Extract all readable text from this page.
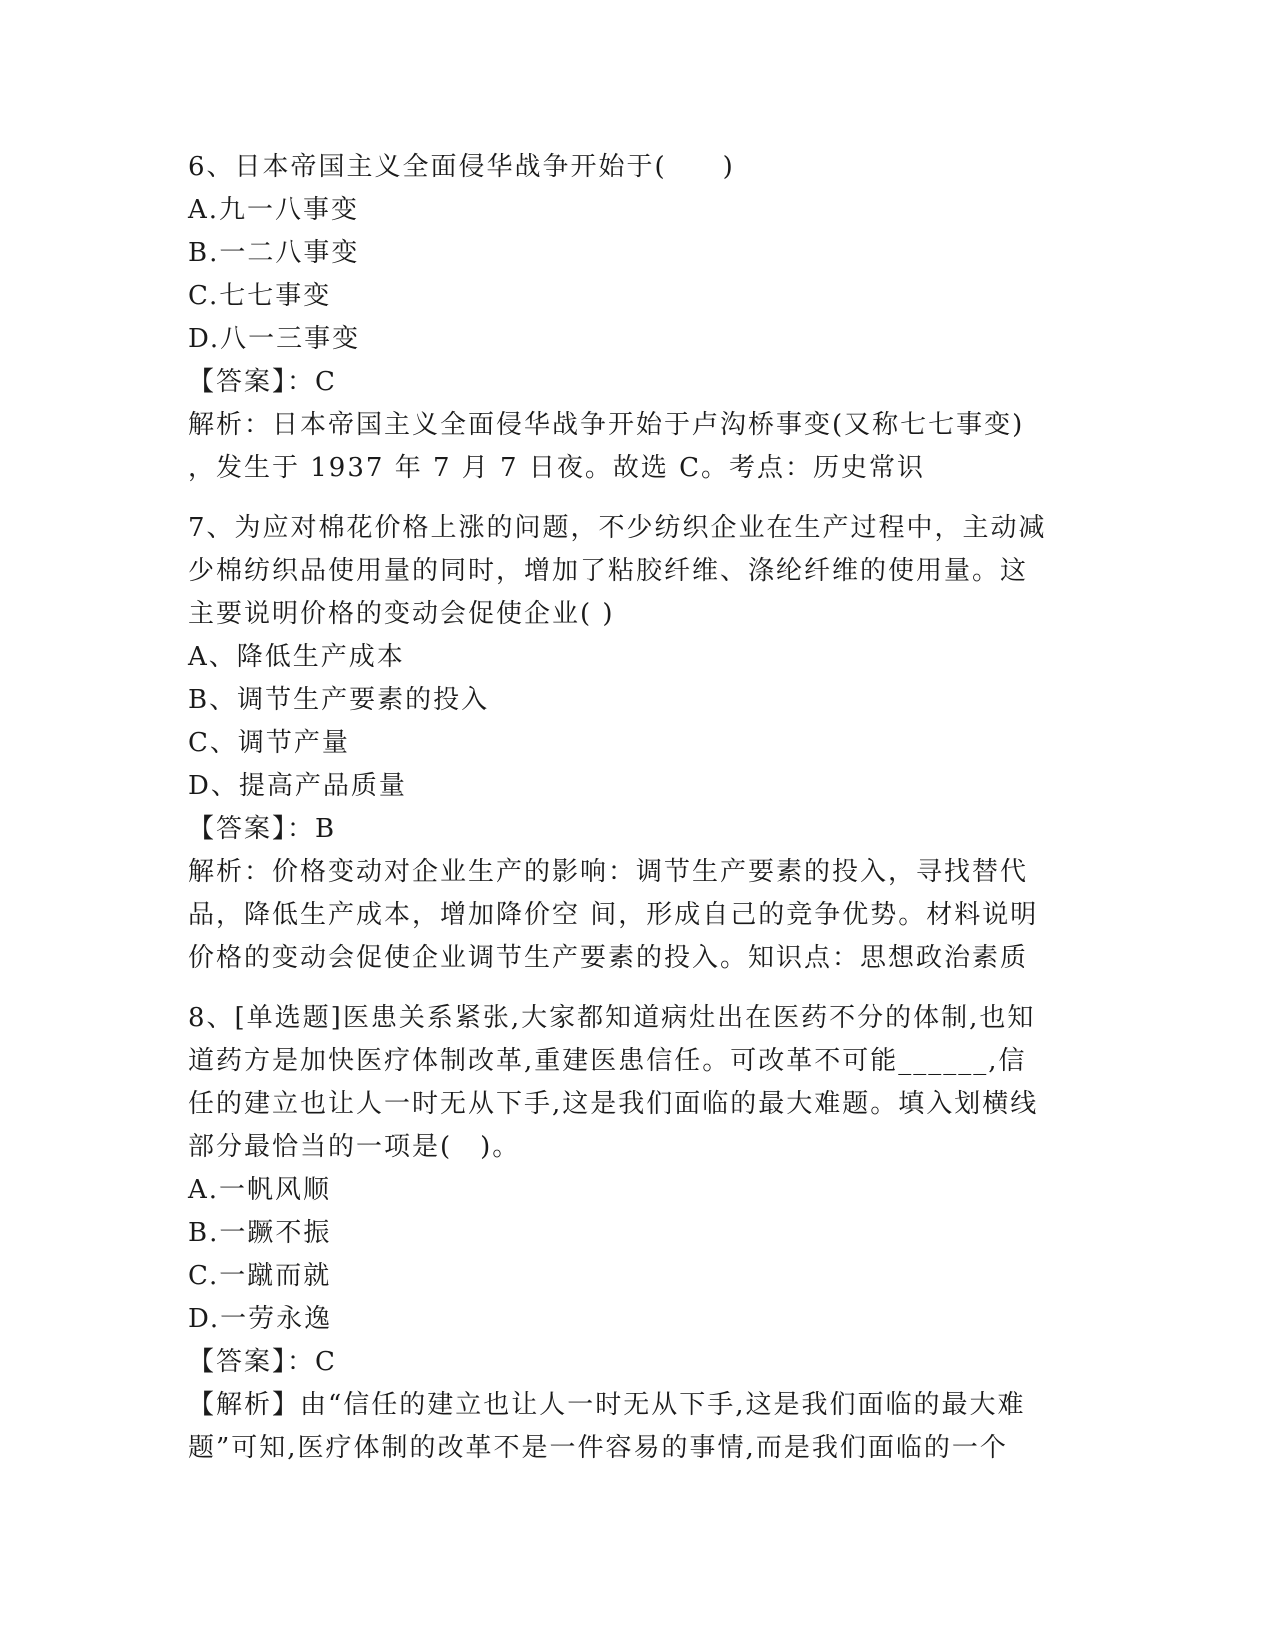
6、日本帝国主义全面侵华战争开始于(　　)
A.九一八事变
B.一二八事变
C.七七事变
D.八一三事变
【答案】：C
解析：日本帝国主义全面侵华战争开始于卢沟桥事变(又称七七事变)
，发生于 1937 年 7 月 7 日夜。故选 C。考点：历史常识
7、为应对棉花价格上涨的问题，不少纺织企业在生产过程中，主动减
少棉纺织品使用量的同时，增加了粘胶纤维、涤纶纤维的使用量。这
主要说明价格的变动会促使企业( )
A、降低生产成本
B、调节生产要素的投入
C、调节产量
D、提高产品质量
【答案】：B
解析：价格变动对企业生产的影响：调节生产要素的投入，寻找替代
品，降低生产成本，增加降价空 间，形成自己的竞争优势。材料说明
价格的变动会促使企业调节生产要素的投入。知识点：思想政治素质
8、[单选题]医患关系紧张,大家都知道病灶出在医药不分的体制,也知
道药方是加快医疗体制改革,重建医患信任。可改革不可能______,信
任的建立也让人一时无从下手,这是我们面临的最大难题。填入划横线
部分最恰当的一项是(　)。
A.一帆风顺
B.一蹶不振
C.一蹴而就
D.一劳永逸
【答案】：C
【解析】由“信任的建立也让人一时无从下手,这是我们面临的最大难
题”可知,医疗体制的改革不是一件容易的事情,而是我们面临的一个
